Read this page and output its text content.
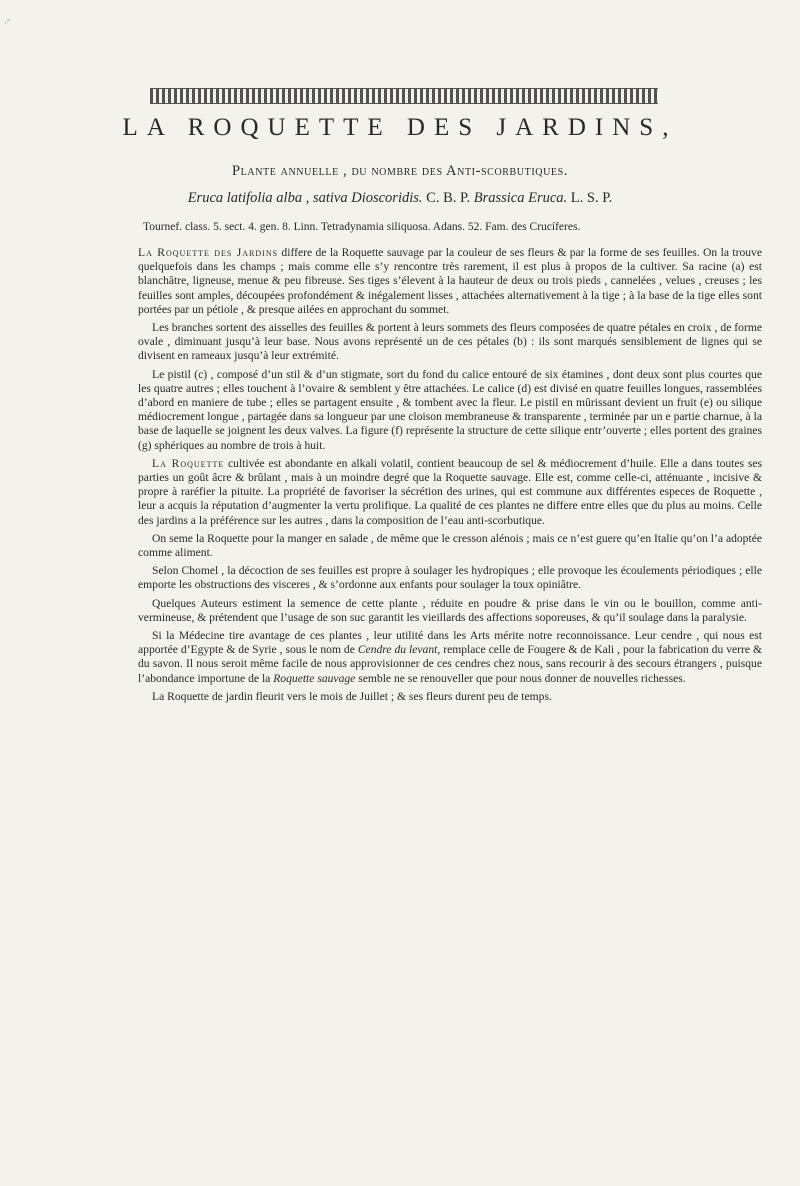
·ˆ
LA ROQUETTE DES JARDINS,
Plante annuelle , du nombre des Anti-scorbutiques.
Eruca latifolia alba , sativa Dioscoridis. C. B. P. Brassica Eruca. L. S. P.
Tournef. class. 5. sect. 4. gen. 8. Linn. Tetradynamia siliquosa. Adans. 52. Fam. des Crucíferes.

La Roquette des Jardins differe de la Roquette sauvage par la couleur de ses fleurs & par la forme de ses feuilles. On la trouve quelquefois dans les champs ; mais comme elle s’y rencontre très rarement, il est plus à propos de la cultiver. Sa racine (a) est blanchâtre, ligneuse, menue & peu fibreuse. Ses tiges s’élevent à la hauteur de deux ou trois pieds , cannelées , velues , creuses ; les feuilles sont amples, découpées profondément & inégalement lisses , attachées alternativement à la tige ; à la base de la tige elles sont portées par un pétiole , & presque ailées en approchant du sommet.

Les branches sortent des aisselles des feuilles & portent à leurs sommets des fleurs composées de quatre pétales en croix , de forme ovale , diminuant jusqu’à leur base. Nous avons représenté un de ces pétales (b) : ils sont marqués sensiblement de lignes qui se divisent en rameaux jusqu’à leur extrémité.

Le pistil (c) , composé d’un stil & d’un stigmate, sort du fond du calice entouré de six étamines , dont deux sont plus courtes que les quatre autres ; elles touchent à l’ovaire & semblent y être attachées. Le calice (d) est divisé en quatre feuilles longues, rassemblées d’abord en maniere de tube ; elles se partagent ensuite , & tombent avec la fleur. Le pistil en mûrissant devient un fruit (e) ou silique médiocrement longue , partagée dans sa longueur par une cloison membraneuse & transparente , terminée par un e partie charnue, à la base de laquelle se joignent les deux valves. La figure (f) représente la structure de cette silique entr’ouverte ; elles portent des graines (g) sphériques au nombre de trois à huit.

La Roquette cultivée est abondante en alkali volatil, contient beaucoup de sel & médiocrement d’huile. Elle a dans toutes ses parties un goût âcre & brûlant , mais à un moindre degré que la Roquette sauvage. Elle est, comme celle-ci, atténuante , incisive & propre à raréfier la pituite. La propriété de favoriser la sécrétion des urines, qui est commune aux différentes especes de Roquette , leur a acquis la réputation d’augmenter la vertu prolifique. La qualité de ces plantes ne differe entre elles que du plus au moins. Celle des jardins a la préférence sur les autres , dans la composition de l’eau anti-scorbutique.

On seme la Roquette pour la manger en salade , de même que le cresson alénois ; mais ce n’est guere qu’en Italie qu’on l’a adoptée comme aliment.

Selon Chomel , la décoction de ses feuilles est propre à soulager les hydropiques ; elle provoque les écoulements périodiques ; elle emporte les obstructions des visceres , & s’ordonne aux enfants pour soulager la toux opiniâtre.

Quelques Auteurs estiment la semence de cette plante , réduite en poudre & prise dans le vin ou le bouillon, comme anti-vermineuse, & prétendent que l’usage de son suc garantit les vieillards des affections soporeuses, & qu’il soulage dans la paralysie.

Si la Médecine tire avantage de ces plantes , leur utilité dans les Arts mérite notre reconnoissance. Leur cendre , qui nous est apportée d’Egypte & de Syrie , sous le nom de Cendre du levant, remplace celle de Fougere & de Kali , pour la fabrication du verre & du savon. Il nous seroit même facile de nous approvisionner de ces cendres chez nous, sans recourir à des secours étrangers , puisque l’abondance importune de la Roquette sauvage semble ne se renouveller que pour nous donner de nouvelles richesses.

La Roquette de jardin fleurit vers le mois de Juillet ; & ses fleurs durent peu de temps.
